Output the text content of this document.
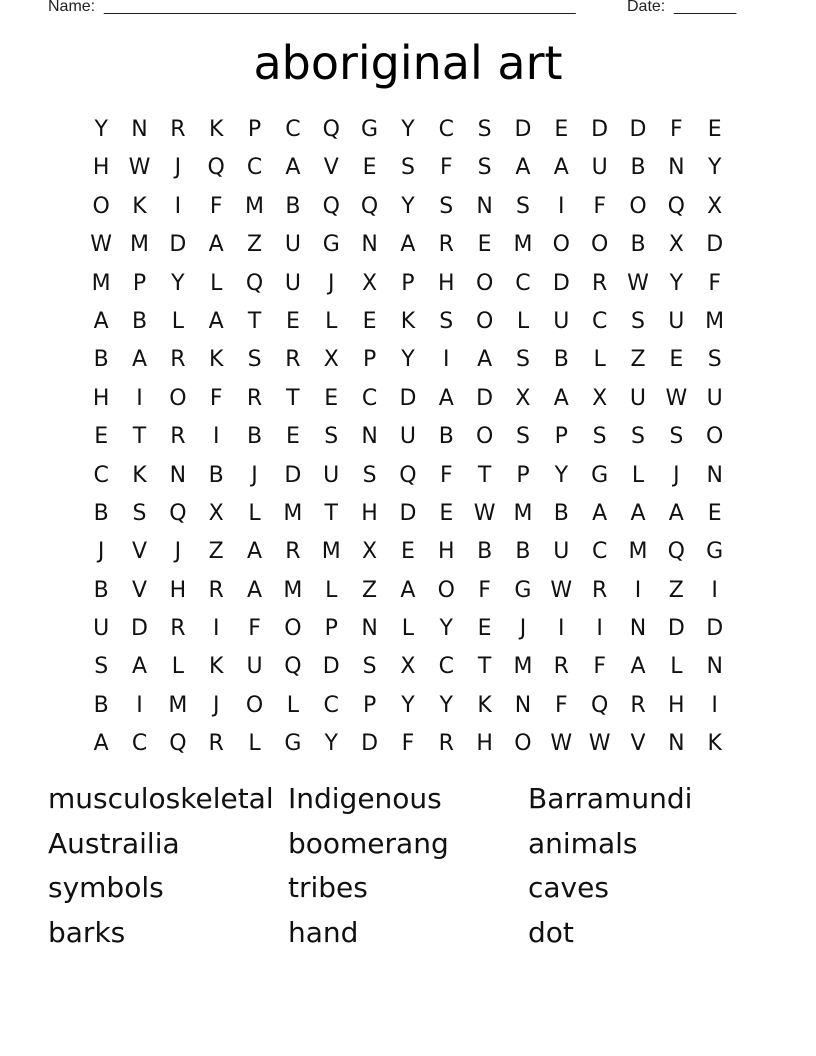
Name: _____________________________________________________	Date: _______
aboriginal art
Y	N	R	K	P	C Q G	Y	C	S	D	E	D D	F	E
H W	J	Q	C	A	V	E	S	F	S	A	A	U	B	N	Y
O	K	I	F	M B	Q Q	Y	S	N	S	I	F	O Q	X
W M D	A	Z	U G N	A	R	E M O O	B	X	D
M	P	Y	L	Q U	J	X	P	H O	C	D	R W Y	F
A	B	L	A	T	E	L	E	K	S	O	L	U	C	S	U M
B	A	R	K	S	R	X	P	Y	I	A	S	B	L	Z	E	S
H	I	O	F	R	T	E	C	D	A	D	X	A	X	U W U
E	T	R	I	B	E	S	N	U	B	O	S	P	S	S	S	O
C	K	N	B	J	D U	S	Q	F	T	P	Y	G	L	J	N
B	S	Q	X	L	M	T	H D	E W M B	A	A	A	E
J	V	J	Z	A	R M X	E	H	B	B	U	C M Q G
B	V	H	R	A M	L	Z	A	O	F	G W R	I	Z	I
U D	R	I	F	O	P	N	L	Y	E	J	I	I	N D D
S	A	L	K	U Q D	S	X	C	T	M R	F	A	L	N
B	I	M	J	O	L	C	P	Y	Y	K	N	F	Q	R	H	I
A	C Q	R	L	G	Y	D	F	R	H O W W V	N	K
musculoskeletal Indigenous	Barramundi
Austrailia	boomerang	animals
symbols	tribes	caves
barks	hand	dot
